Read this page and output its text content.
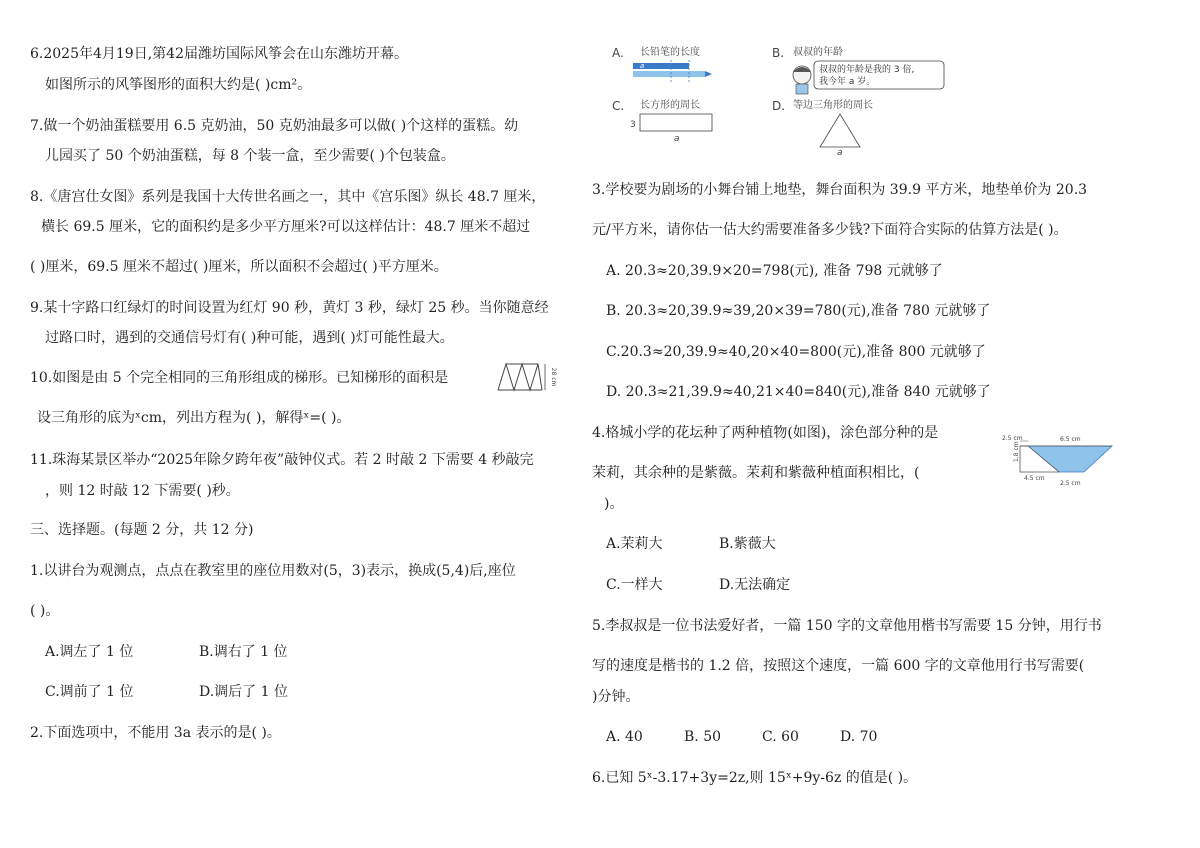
6.2025年4月19日,第42届潍坊国际风筝会在山东潍坊开幕。
如图所示的风筝图形的面积大约是( )cm²。
7.做一个奶油蛋糕要用 6.5 克奶油，50 克奶油最多可以做( )个这样的蛋糕。幼
儿园买了 50 个奶油蛋糕，每 8 个装一盒，至少需要( )个包装盒。
8.《唐宫仕女图》系列是我国十大传世名画之一，其中《宫乐图》纵长 48.7 厘米，
横长 69.5 厘米，它的面积约是多少平方厘米?可以这样估计：48.7 厘米不超过
( )厘米，69.5 厘米不超过( )厘米，所以面积不会超过( )平方厘米。
9.某十字路口红绿灯的时间设置为红灯 90 秒，黄灯 3 秒，绿灯 25 秒。当你随意经
过路口时，遇到的交通信号灯有( )种可能，遇到( )灯可能性最大。
10.如图是由 5 个完全相同的三角形组成的梯形。已知梯形的面积是	28 cm
设三角形的底为ˣcm，列出方程为( )，解得ˣ=( )。
11.珠海某景区举办“2025年除夕跨年夜”敲钟仪式。若 2 时敲 2 下需要 4 秒敲完
，则 12 时敲 12 下需要( )秒。
三、选择题。(每题 2 分，共 12 分)
1.以讲台为观测点，点点在教室里的座位用数对(5，3)表示，换成(5,4)后,座位
( )。
A.调左了 1 位	B.调右了 1 位
C.调前了 1 位	D.调后了 1 位
2.下面选项中，不能用 3a 表示的是( )。
A. 长铅笔的长度
a
B. 叔叔的年龄
叔叔的年龄是我的 3 倍,
我今年 a 岁。
C. 长方形的周长
3
a
D. 等边三角形的周长
a
3.学校要为剧场的小舞台铺上地垫，舞台面积为 39.9 平方米，地垫单价为 20.3
元/平方米，请你估一估大约需要准备多少钱?下面符合实际的估算方法是( )。
A. 20.3≈20,39.9×20=798(元), 准备 798 元就够了
B. 20.3≈20,39.9≈39,20×39=780(元),准备 780 元就够了
C.20.3≈20,39.9≈40,20×40=800(元),准备 800 元就够了
D. 20.3≈21,39.9≈40,21×40=840(元),准备 840 元就够了
4.格城小学的花坛种了两种植物(如图)，涂色部分种的是
茉莉，其余种的是紫薇。茉莉和紫薇种植面积相比，(
)。
2.5 cm	6.5 cm
1.8 cm
4.5 cm
2.5 cm
A.茉莉大	B.紫薇大
C.一样大	D.无法确定
5.李叔叔是一位书法爱好者，一篇 150 字的文章他用楷书写需要 15 分钟，用行书
写的速度是楷书的 1.2 倍，按照这个速度，一篇 600 字的文章他用行书写需要(
)分钟。
A. 40	B. 50	C. 60	D. 70
6.已知 5ˣ-3.17+3y=2z,则 15ˣ+9y-6z 的值是( )。
